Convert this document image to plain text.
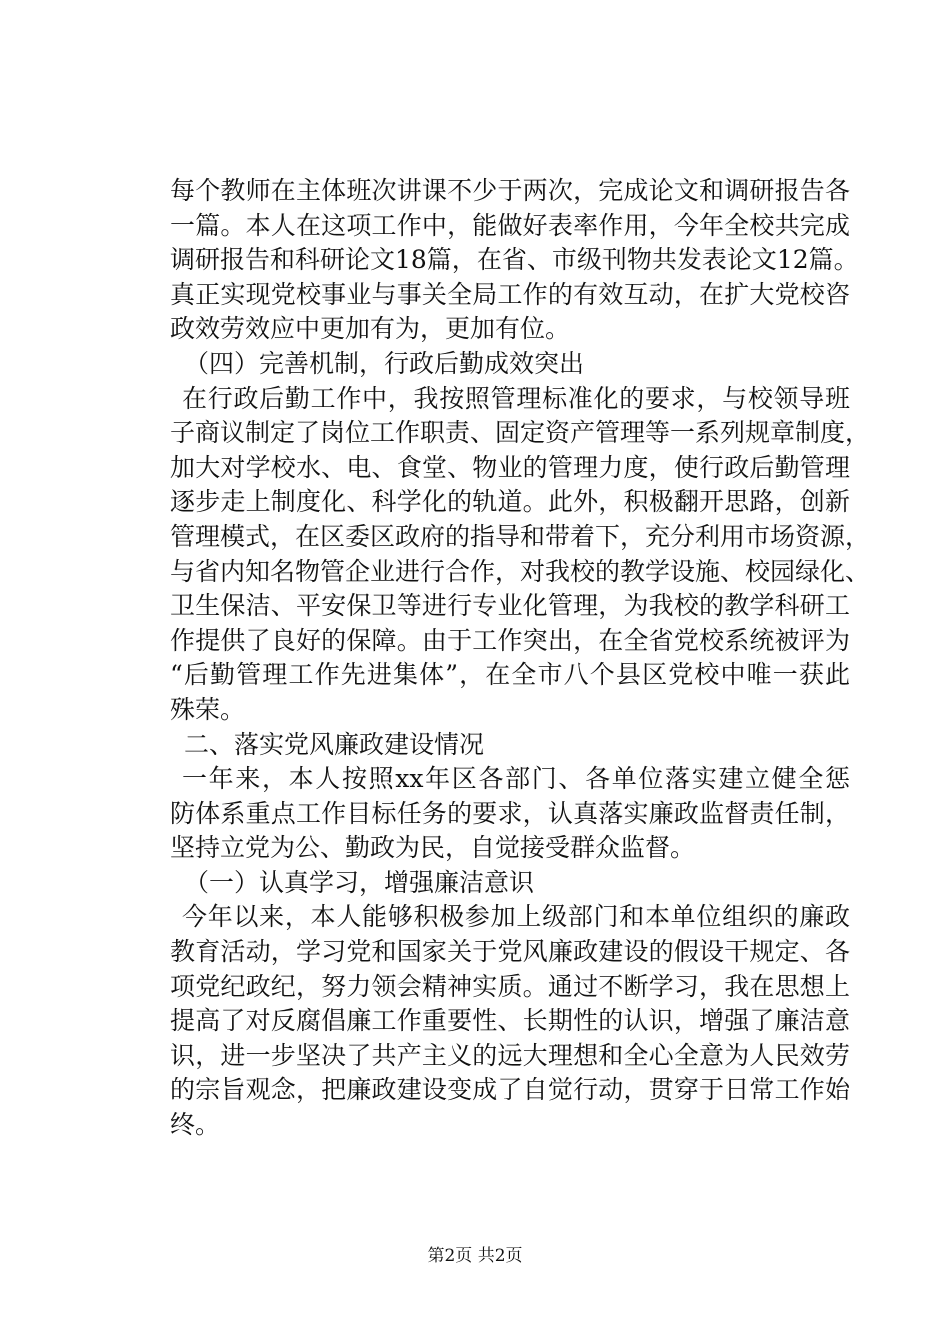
每个教师在主体班次讲课不少于两次，完成论文和调研报告各
一篇。本人在这项工作中，能做好表率作用，今年全校共完成
调研报告和科研论文18篇，在省、市级刊物共发表论文12篇。
真正实现党校事业与事关全局工作的有效互动，在扩大党校咨
政效劳效应中更加有为，更加有位。
（四）完善机制，行政后勤成效突出
在行政后勤工作中，我按照管理标准化的要求，与校领导班
子商议制定了岗位工作职责、固定资产管理等一系列规章制度，
加大对学校水、电、食堂、物业的管理力度，使行政后勤管理
逐步走上制度化、科学化的轨道。此外，积极翻开思路，创新
管理模式，在区委区政府的指导和带着下，充分利用市场资源，
与省内知名物管企业进行合作，对我校的教学设施、校园绿化、
卫生保洁、平安保卫等进行专业化管理，为我校的教学科研工
作提供了良好的保障。由于工作突出，在全省党校系统被评为
“后勤管理工作先进集体”，在全市八个县区党校中唯一获此
殊荣。
二、落实党风廉政建设情况
一年来，本人按照xx年区各部门、各单位落实建立健全惩
防体系重点工作目标任务的要求，认真落实廉政监督责任制，
坚持立党为公、勤政为民，自觉接受群众监督。
（一）认真学习，增强廉洁意识
今年以来，本人能够积极参加上级部门和本单位组织的廉政
教育活动，学习党和国家关于党风廉政建设的假设干规定、各
项党纪政纪，努力领会精神实质。通过不断学习，我在思想上
提高了对反腐倡廉工作重要性、长期性的认识，增强了廉洁意
识，进一步坚决了共产主义的远大理想和全心全意为人民效劳
的宗旨观念，把廉政建设变成了自觉行动，贯穿于日常工作始
终。
第2页 共2页
